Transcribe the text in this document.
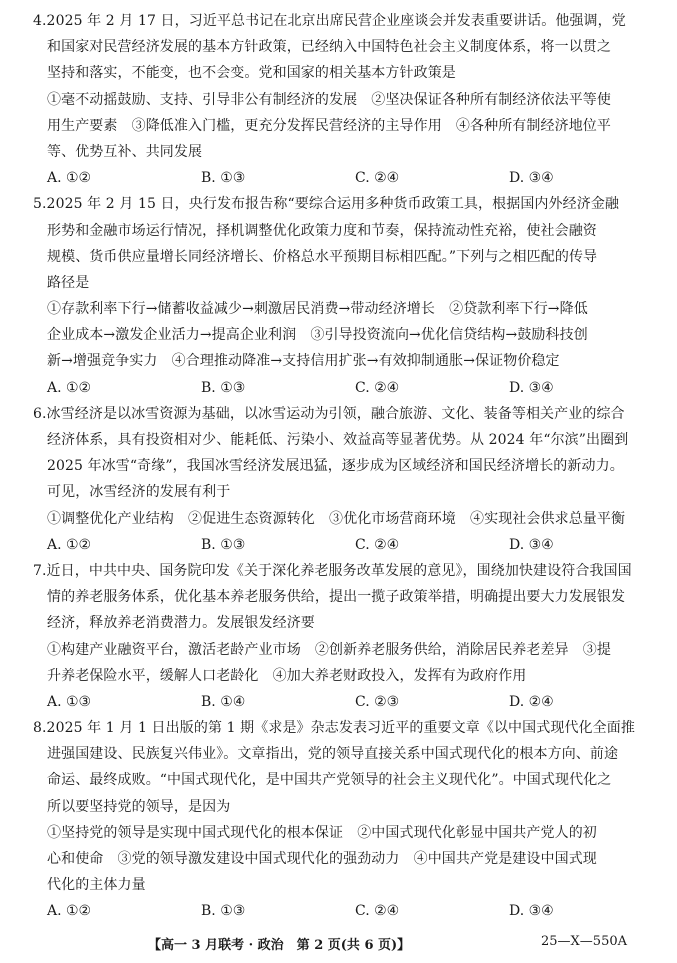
4.2025 年 2 月 17 日，习近平总书记在北京出席民营企业座谈会并发表重要讲话。他强调，党
和国家对民营经济发展的基本方针政策，已经纳入中国特色社会主义制度体系，将一以贯之
坚持和落实，不能变，也不会变。党和国家的相关基本方针政策是
①毫不动摇鼓励、支持、引导非公有制经济的发展　②坚决保证各种所有制经济依法平等使
用生产要素　③降低准入门槛，更充分发挥民营经济的主导作用　④各种所有制经济地位平
等、优势互补、共同发展
A. ①②	B. ①③	C. ②④	D. ③④
5.2025 年 2 月 15 日，央行发布报告称“要综合运用多种货币政策工具，根据国内外经济金融
形势和金融市场运行情况，择机调整优化政策力度和节奏，保持流动性充裕，使社会融资
规模、货币供应量增长同经济增长、价格总水平预期目标相匹配。”下列与之相匹配的传导
路径是
①存款利率下行→储蓄收益减少→刺激居民消费→带动经济增长　②贷款利率下行→降低
企业成本→激发企业活力→提高企业利润　③引导投资流向→优化信贷结构→鼓励科技创
新→增强竞争实力　④合理推动降准→支持信用扩张→有效抑制通胀→保证物价稳定
A. ①②	B. ①③	C. ②④	D. ③④
6.冰雪经济是以冰雪资源为基础，以冰雪运动为引领，融合旅游、文化、装备等相关产业的综合
经济体系，具有投资相对少、能耗低、污染小、效益高等显著优势。从 2024 年“尔滨”出圈到
2025 年冰雪“奇缘”，我国冰雪经济发展迅猛，逐步成为区域经济和国民经济增长的新动力。
可见，冰雪经济的发展有利于
①调整优化产业结构　②促进生态资源转化　③优化市场营商环境　④实现社会供求总量平衡
A. ①②	B. ①③	C. ②④	D. ③④
7.近日，中共中央、国务院印发《关于深化养老服务改革发展的意见》，围绕加快建设符合我国国
情的养老服务体系，优化基本养老服务供给，提出一揽子政策举措，明确提出要大力发展银发
经济，释放养老消费潜力。发展银发经济要
①构建产业融资平台，激活老龄产业市场　②创新养老服务供给，消除居民养老差异　③提
升养老保险水平，缓解人口老龄化　④加大养老财政投入，发挥有为政府作用
A. ①③	B. ①④	C. ②③	D. ②④
8.2025 年 1 月 1 日出版的第 1 期《求是》杂志发表习近平的重要文章《以中国式现代化全面推
进强国建设、民族复兴伟业》。文章指出，党的领导直接关系中国式现代化的根本方向、前途
命运、最终成败。“中国式现代化，是中国共产党领导的社会主义现代化”。中国式现代化之
所以要坚持党的领导，是因为
①坚持党的领导是实现中国式现代化的根本保证　②中国式现代化彰显中国共产党人的初
心和使命　③党的领导激发建设中国式现代化的强劲动力　④中国共产党是建设中国式现
代化的主体力量
A. ①②	B. ①③	C. ②④	D. ③④
【高一 3 月联考 · 政治　第 2 页(共 6 页)】	25—X—550A
